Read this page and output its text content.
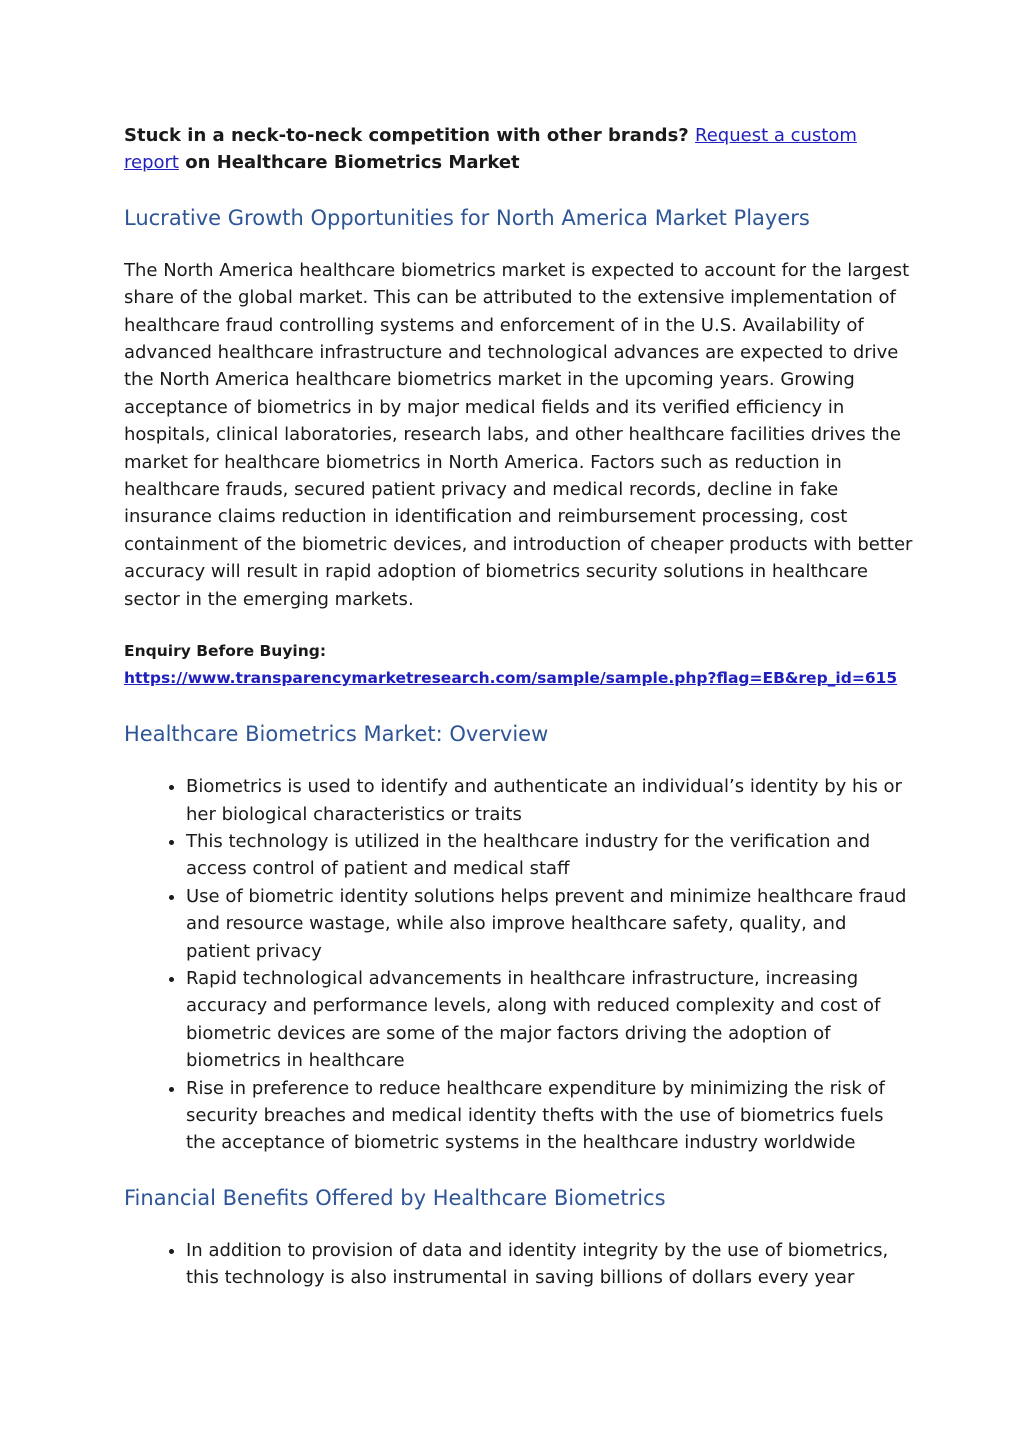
Stuck in a neck-to-neck competition with other brands? Request a custom report on Healthcare Biometrics Market

Lucrative Growth Opportunities for North America Market Players

The North America healthcare biometrics market is expected to account for the largest share of the global market. This can be attributed to the extensive implementation of healthcare fraud controlling systems and enforcement of in the U.S. Availability of advanced healthcare infrastructure and technological advances are expected to drive the North America healthcare biometrics market in the upcoming years. Growing acceptance of biometrics in by major medical fields and its verified efficiency in hospitals, clinical laboratories, research labs, and other healthcare facilities drives the market for healthcare biometrics in North America. Factors such as reduction in healthcare frauds, secured patient privacy and medical records, decline in fake insurance claims reduction in identification and reimbursement processing, cost containment of the biometric devices, and introduction of cheaper products with better accuracy will result in rapid adoption of biometrics security solutions in healthcare sector in the emerging markets.

Enquiry Before Buying:
https://www.transparencymarketresearch.com/sample/sample.php?flag=EB&rep_id=615
Healthcare Biometrics Market: Overview
• Biometrics is used to identify and authenticate an individual’s identity by his or her biological characteristics or traits
• This technology is utilized in the healthcare industry for the verification and access control of patient and medical staff
• Use of biometric identity solutions helps prevent and minimize healthcare fraud and resource wastage, while also improve healthcare safety, quality, and patient privacy
• Rapid technological advancements in healthcare infrastructure, increasing accuracy and performance levels, along with reduced complexity and cost of biometric devices are some of the major factors driving the adoption of biometrics in healthcare
• Rise in preference to reduce healthcare expenditure by minimizing the risk of security breaches and medical identity thefts with the use of biometrics fuels the acceptance of biometric systems in the healthcare industry worldwide
Financial Benefits Offered by Healthcare Biometrics
• In addition to provision of data and identity integrity by the use of biometrics, this technology is also instrumental in saving billions of dollars every year
